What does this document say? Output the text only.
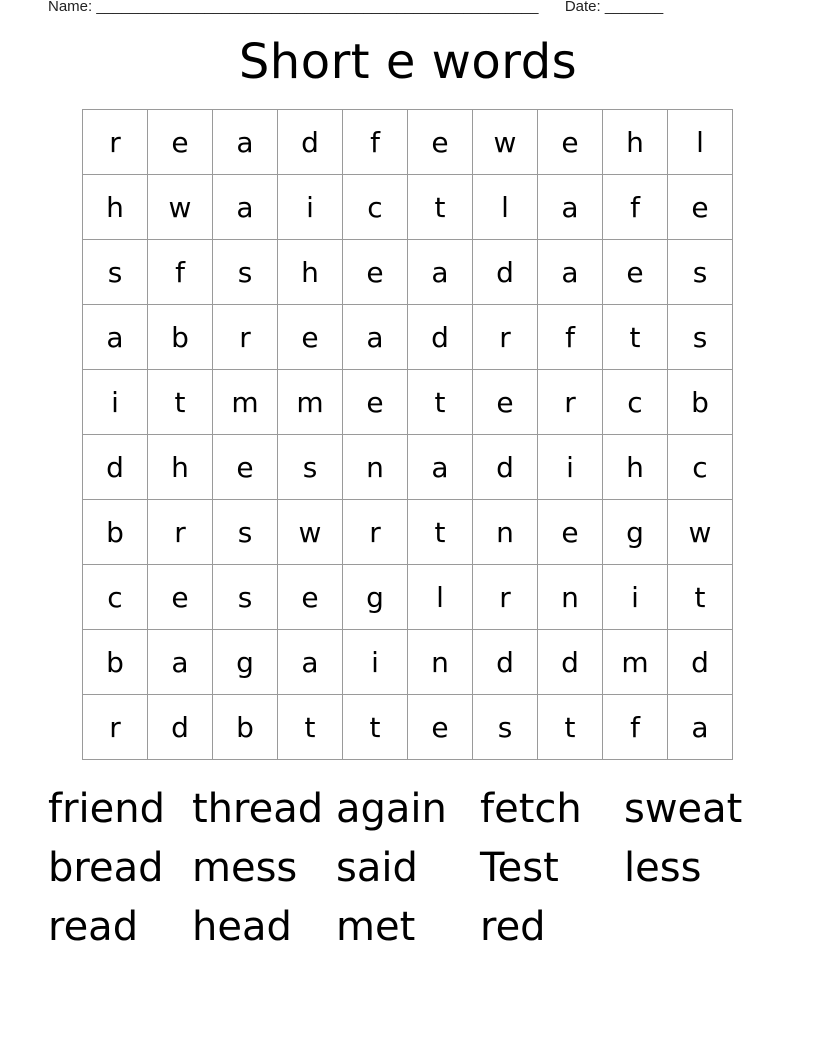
Name: _____________________________________________________ Date: _______
Short e words
r	e	a	d	f	e	w	e	h	l
h	w	a	i	c	t	l	a	f	e
s	f	s	h	e	a	d	a	e	s
a	b	r	e	a	d	r	f	t	s
i	t	m	m	e	t	e	r	c	b
d	h	e	s	n	a	d	i	h	c
b	r	s	w	r	t	n	e	g	w
c	e	s	e	g	l	r	n	i	t
b	a	g	a	i	n	d	d	m	d
r	d	b	t	t	e	s	t	f	a
friend thread again fetch	sweat
bread mess said	Test	less
read	head	met	red
